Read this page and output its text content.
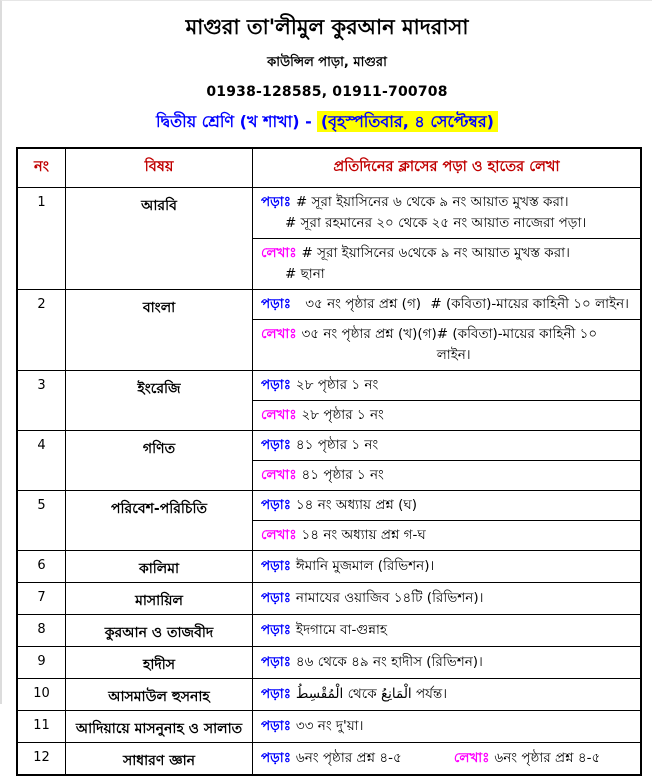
মাগুরা তা'লীমুল কুরআন মাদরাসা
কাউন্সিল পাড়া, মাগুরা
01938-128585, 01911-700708
দ্বিতীয় শ্রেণি (খ শাখা) - (বৃহস্পতিবার, ৪ সেপ্টেম্বর)
নং	বিষয়	প্রতিদিনের ক্লাসের পড়া ও হাতের লেখা
1	আরবি	পড়াঃ # সূরা ইয়াসিনের ৬ থেকে ৯ নং আয়াত মুখস্ত করা।
# সূরা রহমানের ২০ থেকে ২৫ নং আয়াত নাজেরা পড়া।
লেখাঃ # সূরা ইয়াসিনের ৬থেকে ৯ নং আয়াত মুখস্ত করা।
# ছানা

2	বাংলা	পড়াঃ ৩৫ নং পৃষ্ঠার প্রশ্ন (গ) # (কবিতা)-মায়ের কাহিনী ১০ লাইন।
লেখাঃ ৩৫ নং পৃষ্ঠার প্রশ্ন (খ)(গ) # (কবিতা)-মায়ের কাহিনী ১০ লাইন।

3	ইংরেজি	পড়াঃ ২৮ পৃষ্ঠার ১ নং
লেখাঃ ২৮ পৃষ্ঠার ১ নং

4	গণিত	পড়াঃ ৪১ পৃষ্ঠার ১ নং
লেখাঃ ৪১ পৃষ্ঠার ১ নং

5	পরিবেশ-পরিচিতি	পড়াঃ ১৪ নং অধ্যায় প্রশ্ন (ঘ)
লেখাঃ ১৪ নং অধ্যায় প্রশ্ন গ-ঘ

6	কালিমা	পড়াঃ ঈমানি মুজমাল (রিভিশন)।

7	মাসায়িল	পড়াঃ নামাযের ওয়াজিব ১৪টি (রিভিশন)।

8	কুরআন ও তাজবীদ	পড়াঃ ইদগামে বা-গুন্নাহ

9	হাদীস	পড়াঃ ৪৬ থেকে ৪৯ নং হাদীস (রিভিশন)।

10	আসমাউল হুসনাহ	পড়াঃ الْمُقْسِطُ থেকে الْمَانِعُ পর্যন্ত।

11	আদিয়ায়ে মাসনুনাহ ও সালাত	পড়াঃ ৩৩ নং দু'য়া।

12	সাধারণ জ্ঞান	পড়াঃ ৬নং পৃষ্ঠার প্রশ্ন ৪-৫ লেখাঃ ৬নং পৃষ্ঠার প্রশ্ন ৪-৫
